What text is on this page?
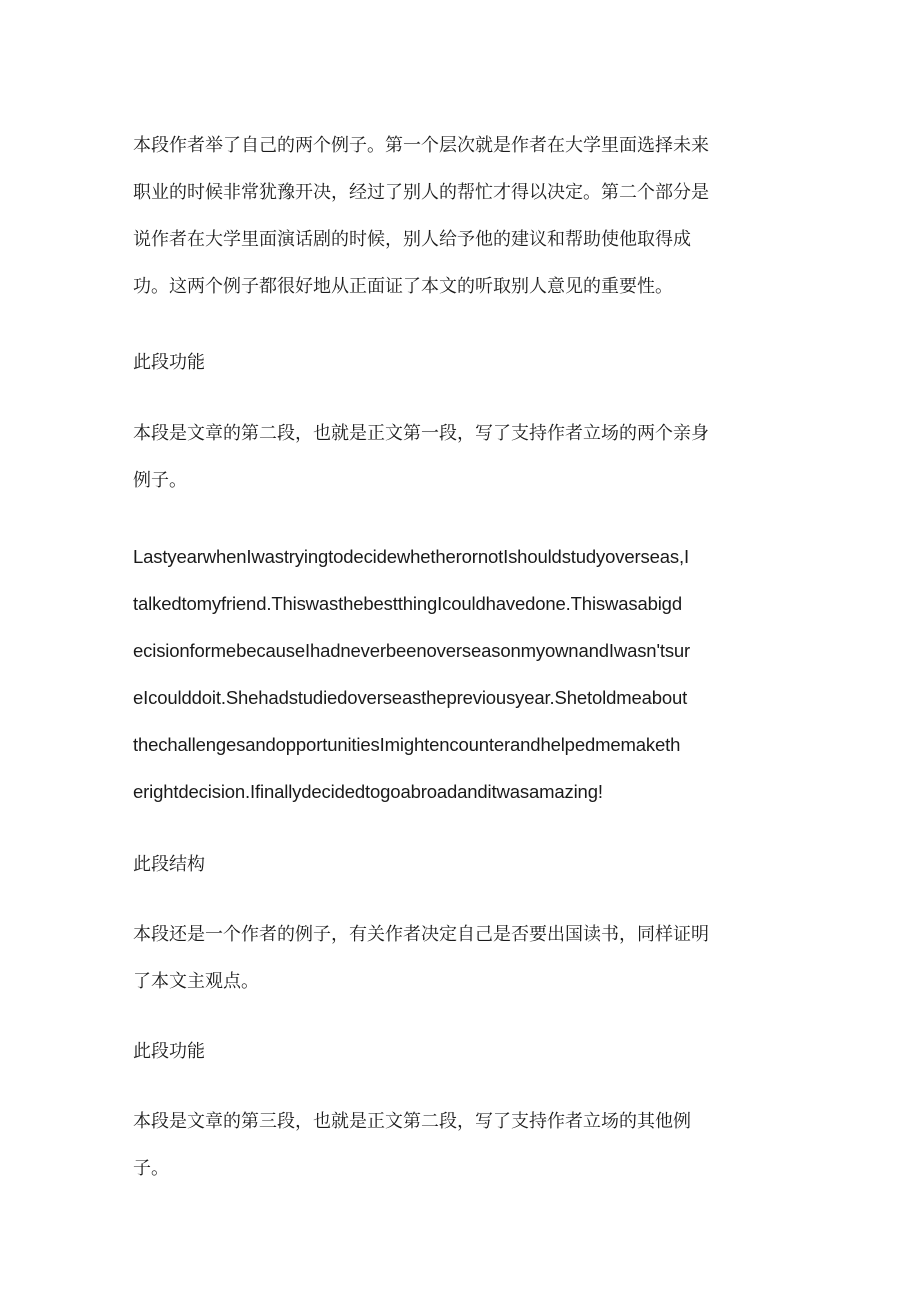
本段作者举了自己的两个例子。第一个层次就是作者在大学里面选择未来
职业的时候非常犹豫开决，经过了别人的帮忙才得以决定。第二个部分是
说作者在大学里面演话剧的时候，别人给予他的建议和帮助使他取得成
功。这两个例子都很好地从正面证了本文的听取别人意见的重要性。

此段功能

本段是文章的第二段，也就是正文第一段，写了支持作者立场的两个亲身
例子。

LastyearwhenIwastryingtodecidewhetherornotIshouldstudyoverseas,I
talkedtomyfriend.ThiswasthebestthingIcouldhavedone.Thiswasabigd
ecisionformebecauseIhadneverbeenoverseasonmyownandIwasn'tsur
eIcoulddoit.Shehadstudiedoverseasthepreviousyear.Shetoldmeabout
thechallengesandopportunitiesImightencounterandhelpedmemaketh
erightdecision.Ifinallydecidedtogoabroadanditwasamazing!

此段结构

本段还是一个作者的例子，有关作者决定自己是否要出国读书，同样证明
了本文主观点。

此段功能

本段是文章的第三段，也就是正文第二段，写了支持作者立场的其他例
子。
